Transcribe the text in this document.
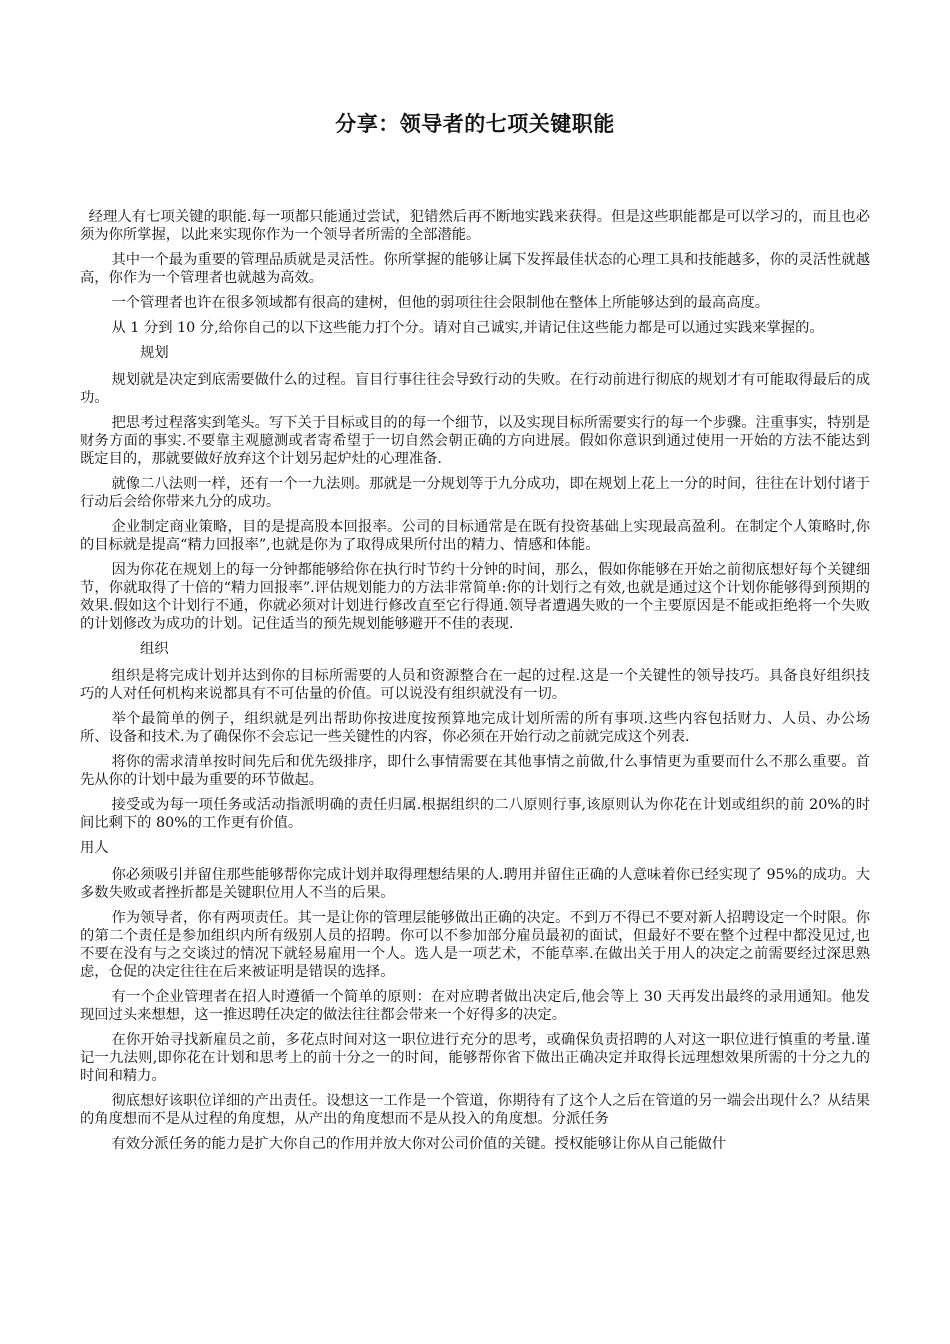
分享：领导者的七项关键职能

经理人有七项关键的职能.每一项都只能通过尝试，犯错然后再不断地实践来获得。但是这些职能都是可以学习的，而且也必须为你所掌握，以此来实现你作为一个领导者所需的全部潜能。

其中一个最为重要的管理品质就是灵活性。你所掌握的能够让属下发挥最佳状态的心理工具和技能越多，你的灵活性就越高，你作为一个管理者也就越为高效。

一个管理者也许在很多领域都有很高的建树，但他的弱项往往会限制他在整体上所能够达到的最高高度。

从 1 分到 10 分,给你自己的以下这些能力打个分。请对自己诚实,并请记住这些能力都是可以通过实践来掌握的。

规划

规划就是决定到底需要做什么的过程。盲目行事往往会导致行动的失败。在行动前进行彻底的规划才有可能取得最后的成功。

把思考过程落实到笔头。写下关于目标或目的的每一个细节，以及实现目标所需要实行的每一个步骤。注重事实，特别是财务方面的事实.不要靠主观臆测或者寄希望于一切自然会朝正确的方向进展。假如你意识到通过使用一开始的方法不能达到既定目的，那就要做好放弃这个计划另起炉灶的心理准备.

就像二八法则一样，还有一个一九法则。那就是一分规划等于九分成功，即在规划上花上一分的时间，往往在计划付诸于行动后会给你带来九分的成功。

企业制定商业策略，目的是提高股本回报率。公司的目标通常是在既有投资基础上实现最高盈利。在制定个人策略时,你的目标就是提高“精力回报率”,也就是你为了取得成果所付出的精力、情感和体能。

因为你花在规划上的每一分钟都能够给你在执行时节约十分钟的时间，那么，假如你能够在开始之前彻底想好每个关键细节，你就取得了十倍的“精力回报率”.评估规划能力的方法非常简单:你的计划行之有效,也就是通过这个计划你能够得到预期的效果.假如这个计划行不通，你就必须对计划进行修改直至它行得通.领导者遭遇失败的一个主要原因是不能或拒绝将一个失败的计划修改为成功的计划。记住适当的预先规划能够避开不佳的表现.

组织

组织是将完成计划并达到你的目标所需要的人员和资源整合在一起的过程.这是一个关键性的领导技巧。具备良好组织技巧的人对任何机构来说都具有不可估量的价值。可以说没有组织就没有一切。

举个最简单的例子，组织就是列出帮助你按进度按预算地完成计划所需的所有事项.这些内容包括财力、人员、办公场所、设备和技术.为了确保你不会忘记一些关键性的内容，你必须在开始行动之前就完成这个列表.

将你的需求清单按时间先后和优先级排序，即什么事情需要在其他事情之前做,什么事情更为重要而什么不那么重要。首先从你的计划中最为重要的环节做起。

接受或为每一项任务或活动指派明确的责任归属.根据组织的二八原则行事,该原则认为你花在计划或组织的前 20%的时间比剩下的 80%的工作更有价值。

用人

你必须吸引并留住那些能够帮你完成计划并取得理想结果的人.聘用并留住正确的人意味着你已经实现了 95%的成功。大多数失败或者挫折都是关键职位用人不当的后果。

作为领导者，你有两项责任。其一是让你的管理层能够做出正确的决定。不到万不得已不要对新人招聘设定一个时限。你的第二个责任是参加组织内所有级别人员的招聘。你可以不参加部分雇员最初的面试，但最好不要在整个过程中都没见过,也不要在没有与之交谈过的情况下就轻易雇用一个人。选人是一项艺术，不能草率.在做出关于用人的决定之前需要经过深思熟虑，仓促的决定往往在后来被证明是错误的选择。

有一个企业管理者在招人时遵循一个简单的原则：在对应聘者做出决定后,他会等上 30 天再发出最终的录用通知。他发现回过头来想想，这一推迟聘任决定的做法往往都会带来一个好得多的决定。

在你开始寻找新雇员之前，多花点时间对这一职位进行充分的思考，或确保负责招聘的人对这一职位进行慎重的考量.谨记一九法则,即你花在计划和思考上的前十分之一的时间，能够帮你省下做出正确决定并取得长远理想效果所需的十分之九的时间和精力。

彻底想好该职位详细的产出责任。设想这一工作是一个管道，你期待有了这个人之后在管道的另一端会出现什么？从结果的角度想而不是从过程的角度想，从产出的角度想而不是从投入的角度想。分派任务

有效分派任务的能力是扩大你自己的作用并放大你对公司价值的关键。授权能够让你从自己能做什
